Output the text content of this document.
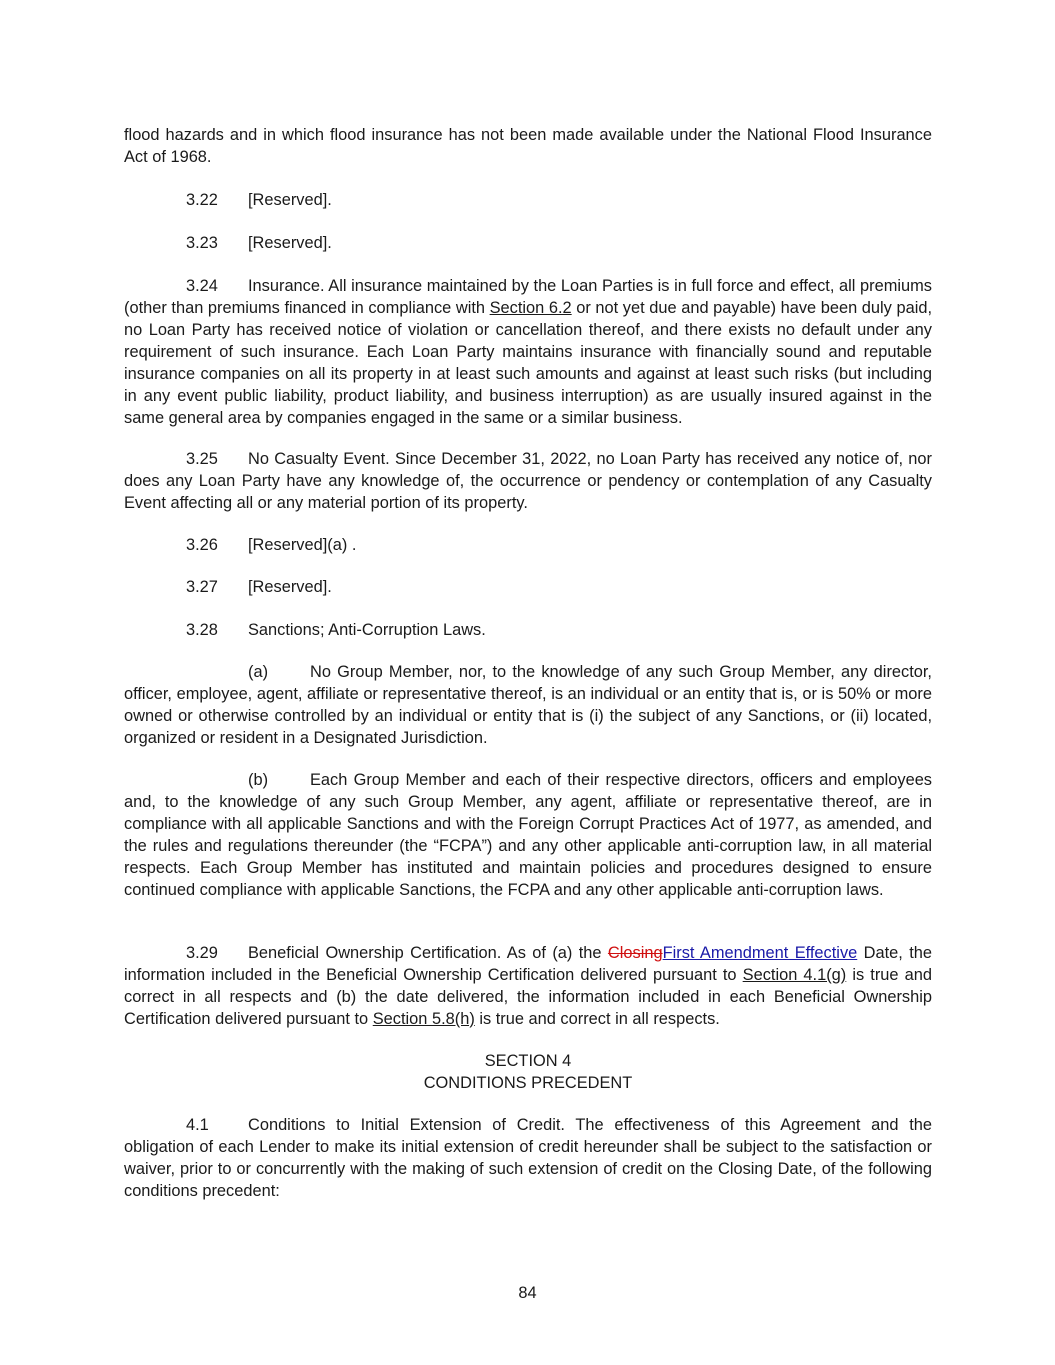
flood hazards and in which flood insurance has not been made available under the National Flood Insurance Act of 1968.

3.22 [Reserved].

3.23 [Reserved].

3.24 Insurance. All insurance maintained by the Loan Parties is in full force and effect, all premiums (other than premiums financed in compliance with Section 6.2 or not yet due and payable) have been duly paid, no Loan Party has received notice of violation or cancellation thereof, and there exists no default under any requirement of such insurance. Each Loan Party maintains insurance with financially sound and reputable insurance companies on all its property in at least such amounts and against at least such risks (but including in any event public liability, product liability, and business interruption) as are usually insured against in the same general area by companies engaged in the same or a similar business.

3.25 No Casualty Event. Since December 31, 2022, no Loan Party has received any notice of, nor does any Loan Party have any knowledge of, the occurrence or pendency or contemplation of any Casualty Event affecting all or any material portion of its property.

3.26 [Reserved](a) .

3.27 [Reserved].

3.28 Sanctions; Anti-Corruption Laws.

(a)	No Group Member, nor, to the knowledge of any such Group Member, any director, officer, employee, agent, affiliate or representative thereof, is an individual or an entity that is, or is 50% or more owned or otherwise controlled by an individual or entity that is (i) the subject of any Sanctions, or (ii) located, organized or resident in a Designated Jurisdiction.

(b)	Each Group Member and each of their respective directors, officers and employees and, to the knowledge of any such Group Member, any agent, affiliate or representative thereof, are in compliance with all applicable Sanctions and with the Foreign Corrupt Practices Act of 1977, as amended, and the rules and regulations thereunder (the “FCPA”) and any other applicable anti-corruption law, in all material respects. Each Group Member has instituted and maintain policies and procedures designed to ensure continued compliance with applicable Sanctions, the FCPA and any other applicable anti-corruption laws.

3.29 Beneficial Ownership Certification. As of (a) the ClosingFirst Amendment Effective Date, the information included in the Beneficial Ownership Certification delivered pursuant to Section 4.1(g) is true and correct in all respects and (b) the date delivered, the information included in each Beneficial Ownership Certification delivered pursuant to Section 5.8(h) is true and correct in all respects.

SECTION 4

CONDITIONS PRECEDENT

4.1 Conditions to Initial Extension of Credit. The effectiveness of this Agreement and the obligation of each Lender to make its initial extension of credit hereunder shall be subject to the satisfaction or waiver, prior to or concurrently with the making of such extension of credit on the Closing Date, of the following conditions precedent:

84
